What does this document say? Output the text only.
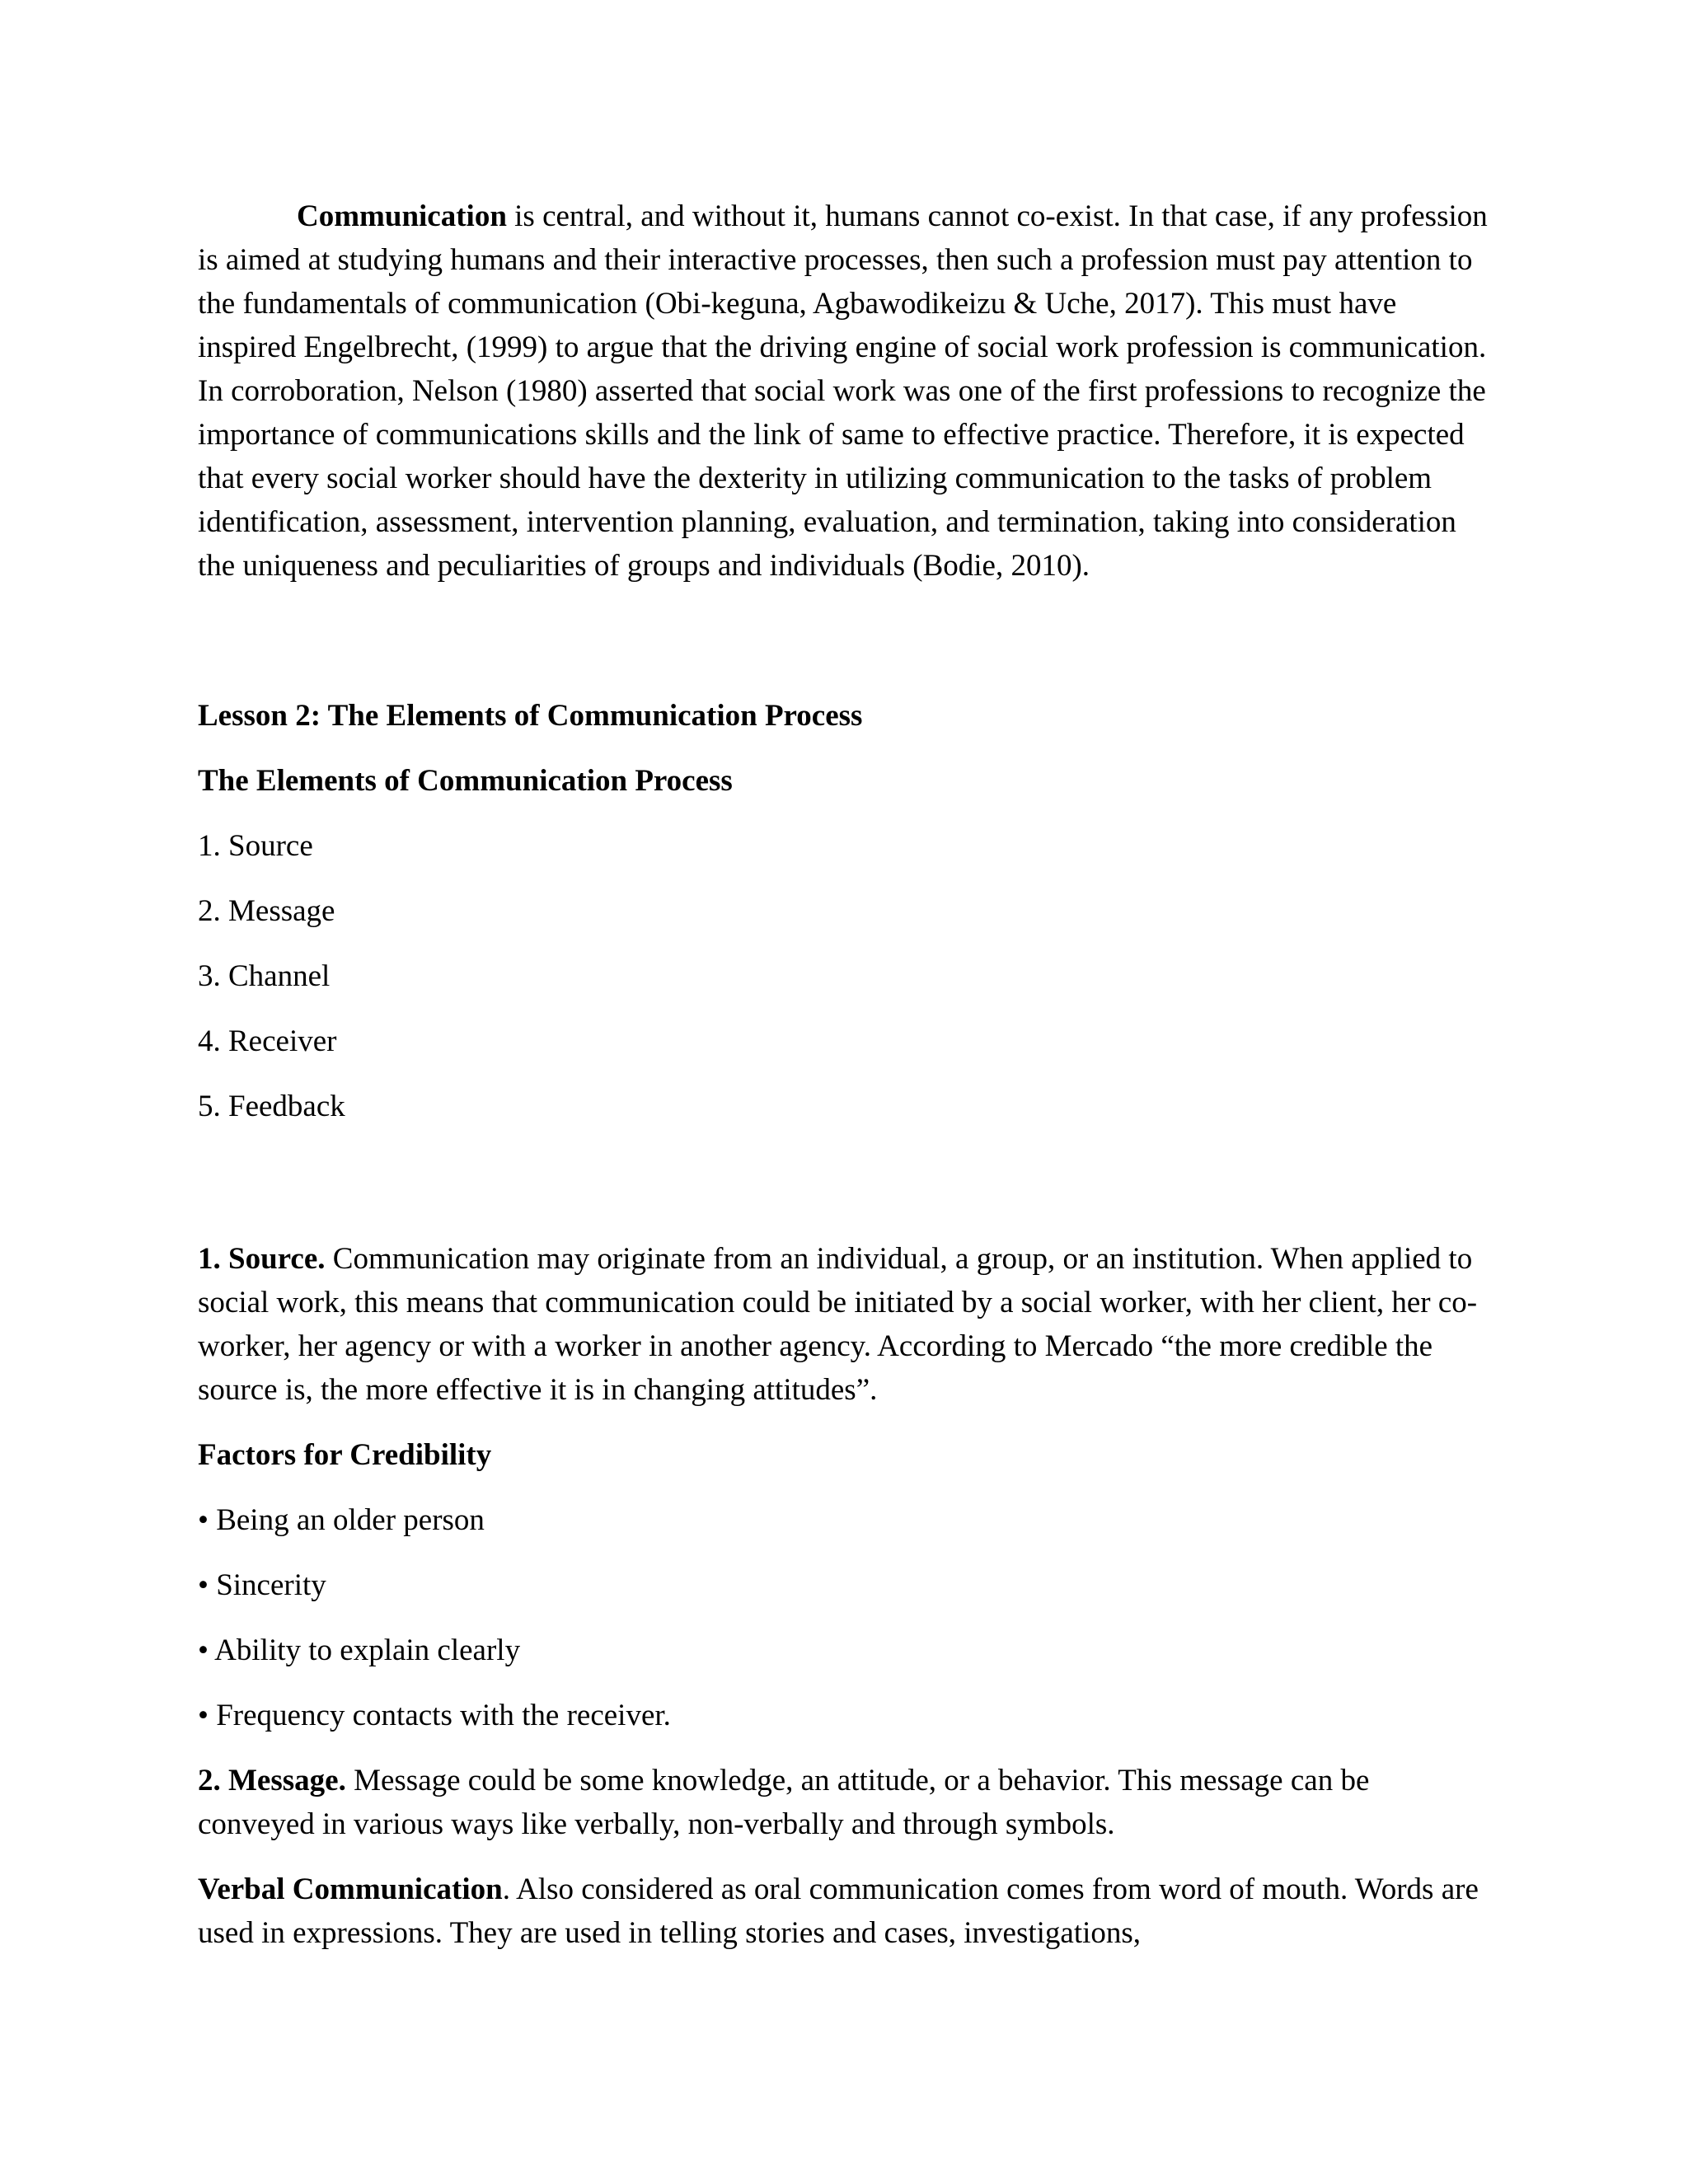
Communication is central, and without it, humans cannot co-exist. In that case, if any profession is aimed at studying humans and their interactive processes, then such a profession must pay attention to the fundamentals of communication (Obi-keguna, Agbawodikeizu & Uche, 2017). This must have inspired Engelbrecht, (1999) to argue that the driving engine of social work profession is communication. In corroboration, Nelson (1980) asserted that social work was one of the first professions to recognize the importance of communications skills and the link of same to effective practice. Therefore, it is expected that every social worker should have the dexterity in utilizing communication to the tasks of problem identification, assessment, intervention planning, evaluation, and termination, taking into consideration the uniqueness and peculiarities of groups and individuals (Bodie, 2010).

Lesson 2: The Elements of Communication Process

The Elements of Communication Process

1. Source

2. Message

3. Channel

4. Receiver

5. Feedback

1. Source. Communication may originate from an individual, a group, or an institution. When applied to social work, this means that communication could be initiated by a social worker, with her client, her co-worker, her agency or with a worker in another agency. According to Mercado “the more credible the source is, the more effective it is in changing attitudes”.

Factors for Credibility

• Being an older person

• Sincerity

• Ability to explain clearly

• Frequency contacts with the receiver.

2. Message. Message could be some knowledge, an attitude, or a behavior. This message can be conveyed in various ways like verbally, non-verbally and through symbols.

Verbal Communication. Also considered as oral communication comes from word of mouth. Words are used in expressions. They are used in telling stories and cases, investigations,
